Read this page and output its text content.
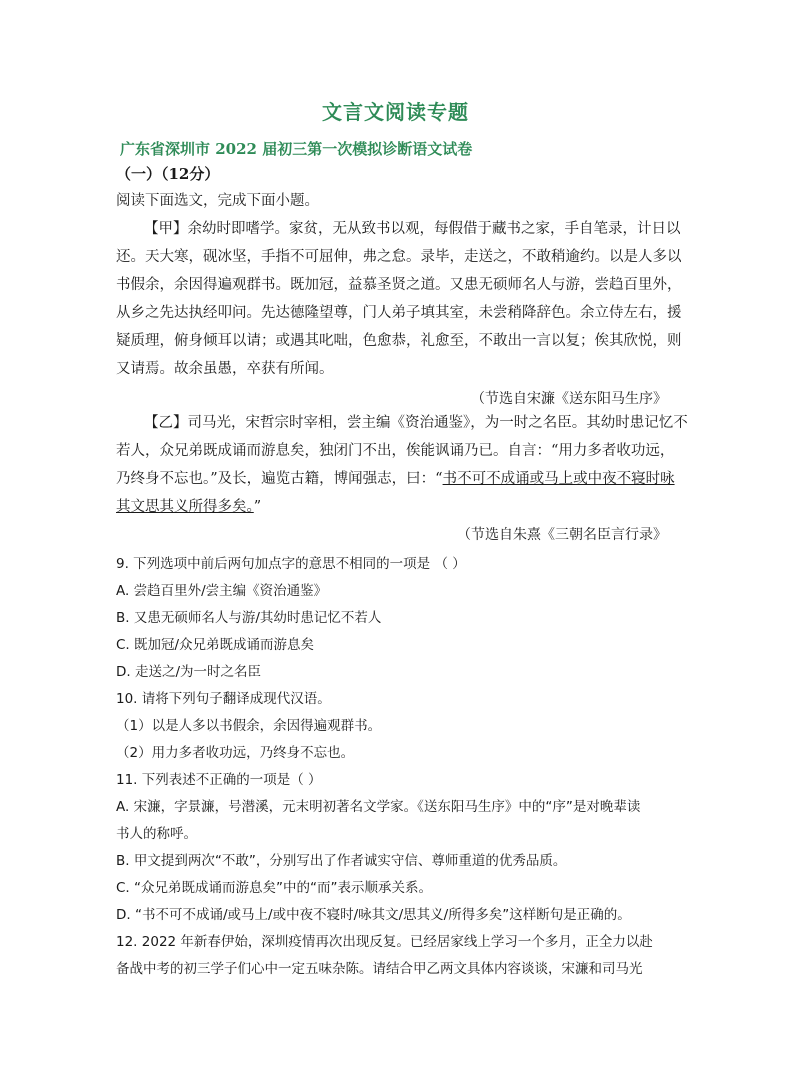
文言文阅读专题
广东省深圳市 2022 届初三第一次模拟诊断语文试卷
（一）（12分）
阅读下面选文，完成下面小题。
【甲】余幼时即嗜学。家贫，无从致书以观，每假借于藏书之家，手自笔录，计日以
还。天大寒，砚冰坚，手指不可屈伸，弗之怠。录毕，走送之，不敢稍逾约。以是人多以
书假余，余因得遍观群书。既加冠，益慕圣贤之道。又患无硕师名人与游，尝趋百里外，
从乡之先达执经叩问。先达德隆望尊，门人弟子填其室，未尝稍降辞色。余立侍左右，援
疑质理，俯身倾耳以请；或遇其叱咄，色愈恭，礼愈至，不敢出一言以复；俟其欣悦，则
又请焉。故余虽愚，卒获有所闻。
（节选自宋濂《送东阳马生序》
【乙】司马光，宋哲宗时宰相，尝主编《资治通鉴》，为一时之名臣。其幼时患记忆不
若人，众兄弟既成诵而游息矣，独闭门不出，俟能讽诵乃已。自言：“用力多者收功远，
乃终身不忘也。”及长，遍览古籍，博闻强志，曰：“书不可不成诵或马上或中夜不寝时咏
其文思其义所得多矣。”
（节选自朱熹《三朝名臣言行录》
9. 下列选项中前后两句加点字的意思不相同的一项是 （ ）
A. 尝趋百里外/尝主编《资治通鉴》
B. 又患无硕师名人与游/其幼时患记忆不若人
C. 既加冠/众兄弟既成诵而游息矣
D. 走送之/为一时之名臣
10. 请将下列句子翻译成现代汉语。
（1）以是人多以书假余，余因得遍观群书。
（2）用力多者收功远，乃终身不忘也。
11. 下列表述不正确的一项是（ ）
A. 宋濂，字景濂，号潜溪，元末明初著名文学家。《送东阳马生序》中的“序”是对晚辈读
书人的称呼。
B. 甲文提到两次“不敢”，分别写出了作者诚实守信、尊师重道的优秀品质。
C. “众兄弟既成诵而游息矣”中的“而”表示顺承关系。
D. “书不可不成诵/或马上/或中夜不寝时/咏其文/思其义/所得多矣”这样断句是正确的。
12. 2022 年新春伊始，深圳疫情再次出现反复。已经居家线上学习一个多月，正全力以赴
备战中考的初三学子们心中一定五味杂陈。请结合甲乙两文具体内容谈谈，宋濂和司马光
